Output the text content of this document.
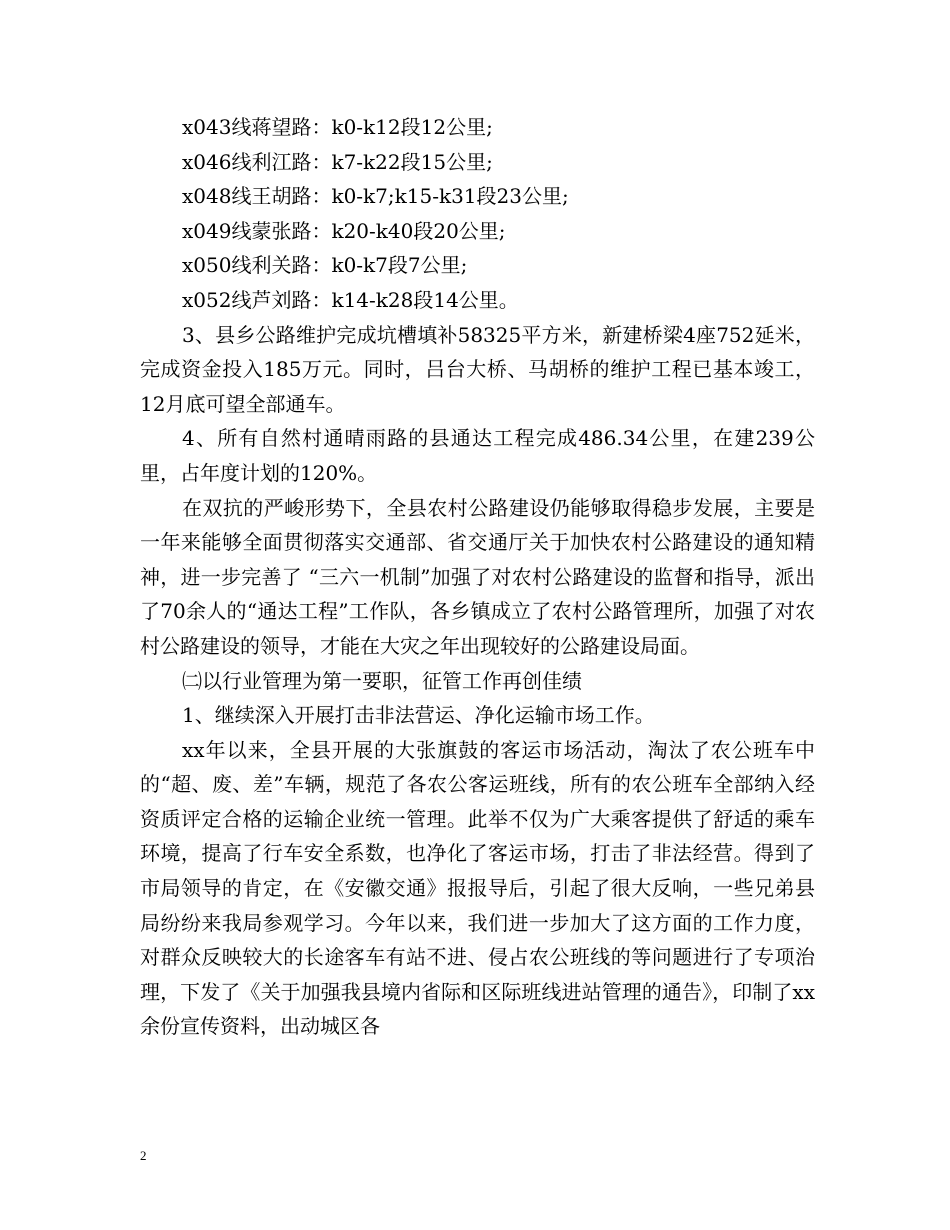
x043线蒋望路：k0-k12段12公里;
x046线利江路：k7-k22段15公里;
x048线王胡路：k0-k7;k15-k31段23公里;
x049线蒙张路：k20-k40段20公里;
x050线利关路：k0-k7段7公里;
x052线芦刘路：k14-k28段14公里。

3、县乡公路维护完成坑槽填补58325平方米，新建桥梁4座752延米，完成资金投入185万元。同时，吕台大桥、马胡桥的维护工程已基本竣工，12月底可望全部通车。

4、所有自然村通晴雨路的县通达工程完成486.34公里，在建239公里，占年度计划的120%。

在双抗的严峻形势下，全县农村公路建设仍能够取得稳步发展，主要是一年来能够全面贯彻落实交通部、省交通厅关于加快农村公路建设的通知精神，进一步完善了 “三六一机制”加强了对农村公路建设的监督和指导，派出了70余人的“通达工程”工作队，各乡镇成立了农村公路管理所，加强了对农村公路建设的领导，才能在大灾之年出现较好的公路建设局面。

㈡以行业管理为第一要职，征管工作再创佳绩
1、继续深入开展打击非法营运、净化运输市场工作。

xx年以来，全县开展的大张旗鼓的客运市场活动，淘汰了农公班车中的“超、废、差”车辆，规范了各农公客运班线，所有的农公班车全部纳入经资质评定合格的运输企业统一管理。此举不仅为广大乘客提供了舒适的乘车环境，提高了行车安全系数，也净化了客运市场，打击了非法经营。得到了市局领导的肯定，在《安徽交通》报报导后，引起了很大反响，一些兄弟县局纷纷来我局参观学习。今年以来，我们进一步加大了这方面的工作力度，对群众反映较大的长途客车有站不进、侵占农公班线的等问题进行了专项治理，下发了《关于加强我县境内省际和区际班线进站管理的通告》，印制了xx余份宣传资料，出动城区各

2
